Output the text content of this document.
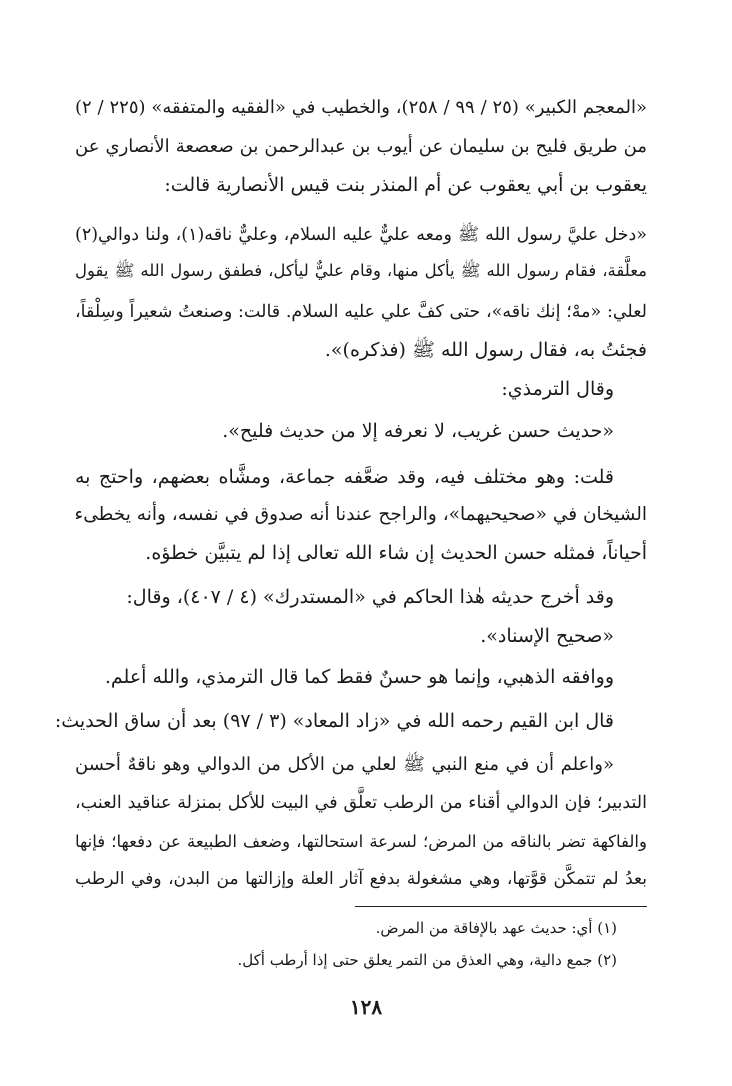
«المعجم الكبير» (٢٥ / ٩٩ / ٢٥٨)، والخطيب في «الفقيه والمتفقه» (٢٢٥ / ٢)
من طريق فليح بن سليمان عن أيوب بن عبدالرحمن بن صعصعة الأنصاري عن
يعقوب بن أبي يعقوب عن أم المنذر بنت قيس الأنصارية قالت:
«دخل عليَّ رسول الله ﷺ ومعه عليٌّ عليه السلام، وعليٌّ ناقه(١)، ولنا دوالي(٢)
معلَّقة، فقام رسول الله ﷺ يأكل منها، وقام عليٌّ ليأكل، فطفق رسول الله ﷺ يقول
لعلي: «مهْ؛ إنك ناقه»، حتى كفَّ علي عليه السلام. قالت: وصنعتُ شعيراً وسِلْقاً،
فجئتُ به، فقال رسول الله ﷺ (فذكره)».
وقال الترمذي:
«حديث حسن غريب، لا نعرفه إلا من حديث فليح».
قلت: وهو مختلف فيه، وقد ضعَّفه جماعة، ومشَّاه بعضهم، واحتج به
الشيخان في «صحيحيهما»، والراجح عندنا أنه صدوق في نفسه، وأنه يخطىء
أحياناً، فمثله حسن الحديث إن شاء الله تعالى إذا لم يتبيَّن خطؤه.
وقد أخرج حديثه هٰذا الحاكم في «المستدرك» (٤ / ٤٠٧)، وقال:
«صحيح الإسناد».
ووافقه الذهبي، وإنما هو حسنٌ فقط كما قال الترمذي، والله أعلم.
قال ابن القيم رحمه الله في «زاد المعاد» (٣ / ٩٧) بعد أن ساق الحديث:
«واعلم أن في منع النبي ﷺ لعلي من الأكل من الدوالي وهو ناقهٌ أحسن
التدبير؛ فإن الدوالي أقناء من الرطب تعلَّق في البيت للأكل بمنزلة عناقيد العنب،
والفاكهة تضر بالناقه من المرض؛ لسرعة استحالتها، وضعف الطبيعة عن دفعها؛ فإنها
بعدُ لم تتمكَّن قوَّتها، وهي مشغولة بدفع آثار العلة وإزالتها من البدن، وفي الرطب
(١) أي: حديث عهد بالإفاقة من المرض.
(٢) جمع دالية، وهي العذق من التمر يعلق حتى إذا أرطب أكل.
١٢٨
